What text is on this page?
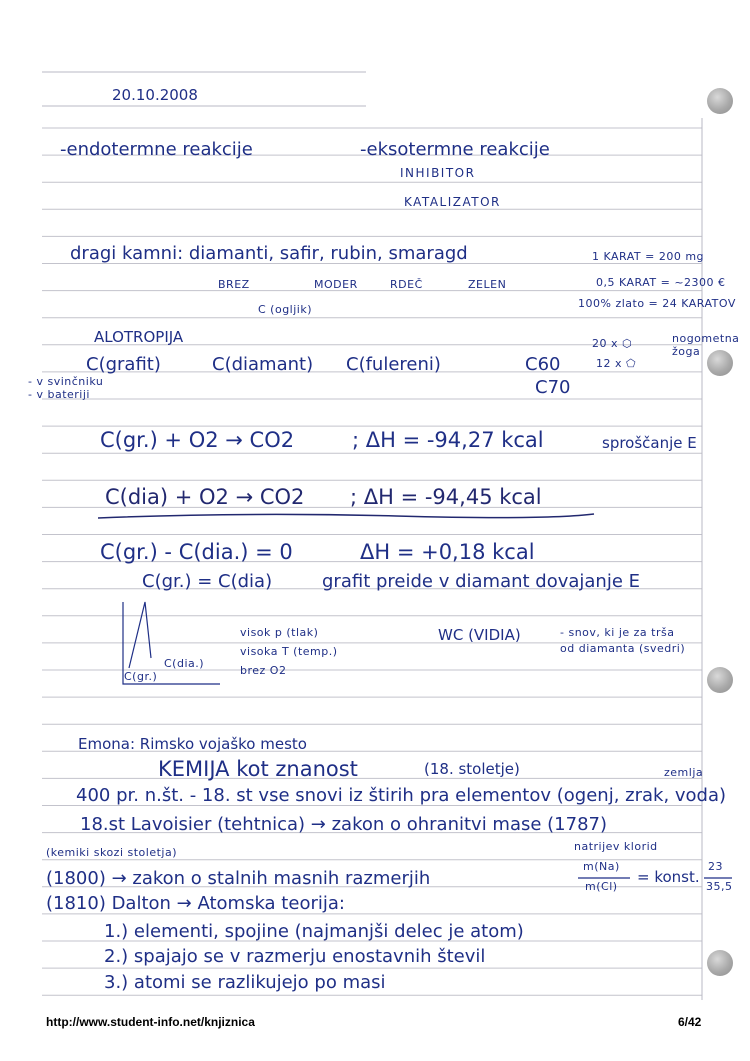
20.10.2008
-endotermne reakcije	-eksotermne reakcije
INHIBITOR
KATALIZATOR
dragi kamni: diamanti, safir, rubin, smaragd
BREZ	MODER	RDEČ	ZELEN
C (ogljik)
1 KARAT = 200 mg
0,5 KARAT = ~2300 €
100% zlato = 24 KARATOV
ALOTROPIJA
C(grafit)	C(diamant) C(fulereni)	C60
C70
- v svinčniku
- v bateriji
20 x ⬡
12 x ⬠
nogometna žoga
C(gr.) + O2 → CO2	; ΔH = -94,27 kcal	sproščanje E
C(dia) + O2 → CO2 ; ΔH = -94,45 kcal
C(gr.) - C(dia.) = 0	ΔH = +0,18 kcal
C(gr.) = C(dia)	grafit preide v diamant dovajanje E
C(gr.)
C(dia.)
visok p (tlak)
visoka T (temp.)
brez O2
WC (VIDIA)	- snov, ki je za trša
od diamanta (svedri)
Emona: Rimsko vojaško mesto
KEMIJA kot znanost	(18. stoletje)	zemlja
400 pr. n.št. - 18. st vse snovi iz štirih pra elementov (ogenj, zrak, voda)
18.st Lavoisier (tehtnica) → zakon o ohranitvi mase (1787)
(kemiki skozi stoletja)	natrijev klorid
(1800) → zakon o stalnih masnih razmerjih
m(Na)
m(Cl)
= konst.
23
35,5
(1810) Dalton → Atomska teorija:
1.) elementi, spojine (najmanjši delec je atom)
2.) spajajo se v razmerju enostavnih števil
3.) atomi se razlikujejo po masi
http://www.student-info.net/knjiznica	6/42
